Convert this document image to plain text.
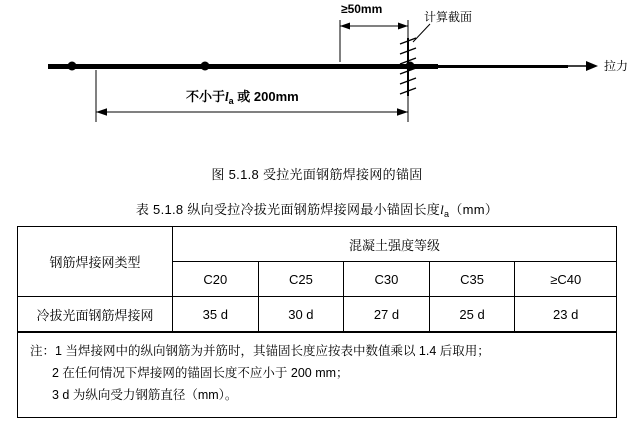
≥50mm
计算截面
拉力
不小于$l_a$ 或 200mm
图 5.1.8 受拉光面钢筋焊接网的锚固
表 5.1.8 纵向受拉冷拔光面钢筋焊接网最小锚固长度$l_a(mm)$
钢筋焊接网类型	混凝土强度等级				
	C20	C25	C30	C35	≥C40
冷拔光面钢筋焊接网	35 d	30 d	27 d	25 d	23 d
注：1 当焊接网中的纵向钢筋为并筋时，其锚固长度应按表中数值乘以 1.4 后取用；
2 在任何情况下焊接网的锚固长度不应小于 200 mm；
3 d 为纵向受力钢筋直径（mm）。
